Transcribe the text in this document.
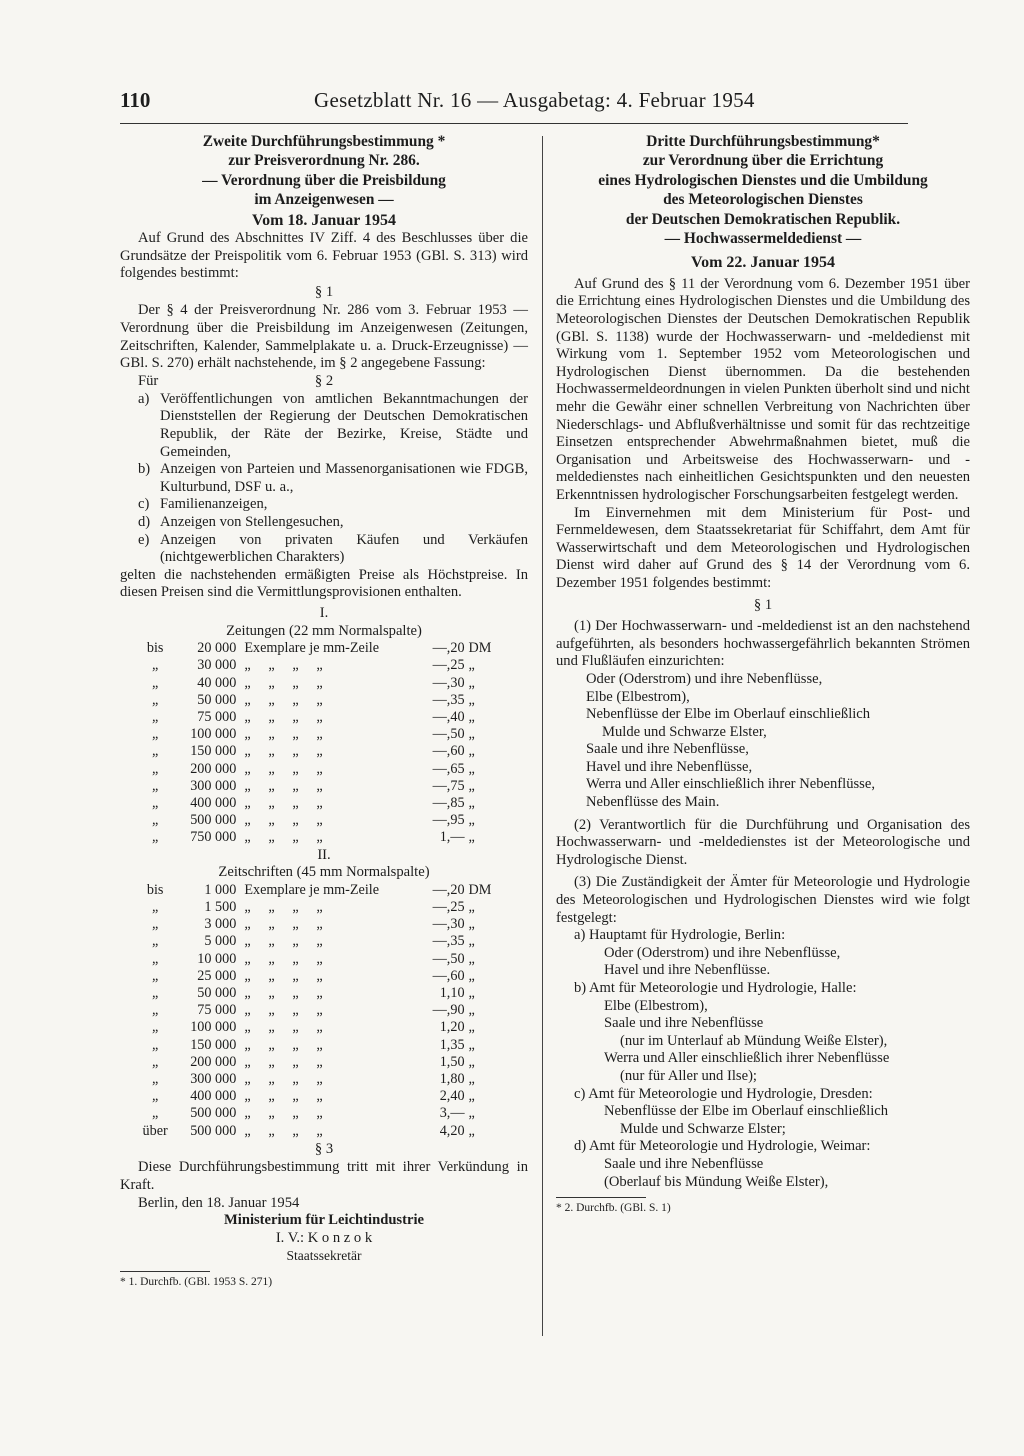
110	Gesetzblatt Nr. 16 — Ausgabetag: 4. Februar 1954
Zweite Durchführungsbestimmung *
zur Preisverordnung Nr. 286.
— Verordnung über die Preisbildung
im Anzeigenwesen —
Vom 18. Januar 1954

Auf Grund des Abschnittes IV Ziff. 4 des Beschlusses über die Grundsätze der Preispolitik vom 6. Februar 1953 (GBl. S. 313) wird folgendes bestimmt:

§ 1

Der § 4 der Preisverordnung Nr. 286 vom 3. Februar 1953 — Verordnung über die Preisbildung im Anzeigenwesen (Zeitungen, Zeitschriften, Kalender, Sammelplakate u. a. Druck-Erzeugnisse) — GBl. S. 270) erhält nachstehende, im § 2 angegebene Fassung:

Für	§ 2
a) Veröffentlichungen von amtlichen Bekanntmachungen der Dienststellen der Regierung der Deutschen Demokratischen Republik, der Räte der Bezirke, Kreise, Städte und Gemeinden,
b) Anzeigen von Parteien und Massenorganisationen wie FDGB, Kulturbund, DSF u. a.,
c) Familienanzeigen,
d) Anzeigen von Stellengesuchen,
e) Anzeigen von privaten Käufen und Verkäufen (nichtgewerblichen Charakters)

gelten die nachstehenden ermäßigten Preise als Höchstpreise. In diesen Preisen sind die Vermittlungsprovisionen enthalten.

I.

Zeitungen (22 mm Normalspalte)

bis	20 000	Exemplare je mm-Zeile	—,20	DM
„	30 000	„     „     „     „	—,25	„
„	40 000	„     „     „     „	—,30	„
„	50 000	„     „     „     „	—,35	„
„	75 000	„     „     „     „	—,40	„
„	100 000	„     „     „     „	—,50	„
„	150 000	„     „     „     „	—,60	„
„	200 000	„     „     „     „	—,65	„
„	300 000	„     „     „     „	—,75	„
„	400 000	„     „     „     „	—,85	„
„	500 000	„     „     „     „	—,95	„
„	750 000	„     „     „     „	1,—	„

II.

Zeitschriften (45 mm Normalspalte)

bis	1 000	Exemplare je mm-Zeile	—,20	DM
„	1 500	„     „     „     „	—,25	„
„	3 000	„     „     „     „	—,30	„
„	5 000	„     „     „     „	—,35	„
„	10 000	„     „     „     „	—,50	„
„	25 000	„     „     „     „	—,60	„
„	50 000	„     „     „     „	1,10	„
„	75 000	„     „     „     „	—,90	„
„	100 000	„     „     „     „	1,20	„
„	150 000	„     „     „     „	1,35	„
„	200 000	„     „     „     „	1,50	„
„	300 000	„     „     „     „	1,80	„
„	400 000	„     „     „     „	2,40	„
„	500 000	„     „     „     „	3,—	„
über	500 000	„     „     „     „	4,20	„
§ 3

Diese Durchführungsbestimmung tritt mit ihrer Verkündung in Kraft.

Berlin, den 18. Januar 1954

Ministerium für Leichtindustrie
I. V.: K o n z o k
Staatssekretär
* 1. Durchfb. (GBl. 1953 S. 271)
Dritte Durchführungsbestimmung*
zur Verordnung über die Errichtung
eines Hydrologischen Dienstes und die Umbildung
des Meteorologischen Dienstes
der Deutschen Demokratischen Republik.
— Hochwassermeldedienst —
Vom 22. Januar 1954

Auf Grund des § 11 der Verordnung vom 6. Dezember 1951 über die Errichtung eines Hydrologischen Dienstes und die Umbildung des Meteorologischen Dienstes der Deutschen Demokratischen Republik (GBl. S. 1138) wurde der Hochwasserwarn- und -meldedienst mit Wirkung vom 1. September 1952 vom Meteorologischen und Hydrologischen Dienst übernommen. Da die bestehenden Hochwassermeldeordnungen in vielen Punkten überholt sind und nicht mehr die Gewähr einer schnellen Verbreitung von Nachrichten über Niederschlags- und Abflußverhältnisse und somit für das rechtzeitige Einsetzen entsprechender Abwehrmaßnahmen bietet, muß die Organisation und Arbeitsweise des Hochwasserwarn- und -meldedienstes nach einheitlichen Gesichtspunkten und den neuesten Erkenntnissen hydrologischer Forschungsarbeiten festgelegt werden.

Im Einvernehmen mit dem Ministerium für Post- und Fernmeldewesen, dem Staatssekretariat für Schiffahrt, dem Amt für Wasserwirtschaft und dem Meteorologischen und Hydrologischen Dienst wird daher auf Grund des § 14 der Verordnung vom 6. Dezember 1951 folgendes bestimmt:

§ 1

(1) Der Hochwasserwarn- und -meldedienst ist an den nachstehend aufgeführten, als besonders hochwassergefährlich bekannten Strömen und Flußläufen einzurichten:

Oder (Oderstrom) und ihre Nebenflüsse,
Elbe (Elbestrom),
Nebenflüsse der Elbe im Oberlauf einschließlich
Mulde und Schwarze Elster,
Saale und ihre Nebenflüsse,
Havel und ihre Nebenflüsse,
Werra und Aller einschließlich ihrer Nebenflüsse,
Nebenflüsse des Main.

(2) Verantwortlich für die Durchführung und Organisation des Hochwasserwarn- und -meldedienstes ist der Meteorologische und Hydrologische Dienst.

(3) Die Zuständigkeit der Ämter für Meteorologie und Hydrologie des Meteorologischen und Hydrologischen Dienstes wird wie folgt festgelegt:

a) Hauptamt für Hydrologie, Berlin:
Oder (Oderstrom) und ihre Nebenflüsse,
Havel und ihre Nebenflüsse.
b) Amt für Meteorologie und Hydrologie, Halle:
Elbe (Elbestrom),
Saale und ihre Nebenflüsse
(nur im Unterlauf ab Mündung Weiße Elster),
Werra und Aller einschließlich ihrer Nebenflüsse
(nur für Aller und Ilse);
c) Amt für Meteorologie und Hydrologie, Dresden:
Nebenflüsse der Elbe im Oberlauf einschließlich
Mulde und Schwarze Elster;
d) Amt für Meteorologie und Hydrologie, Weimar:
Saale und ihre Nebenflüsse
(Oberlauf bis Mündung Weiße Elster),
* 2. Durchfb. (GBl. S. 1)
